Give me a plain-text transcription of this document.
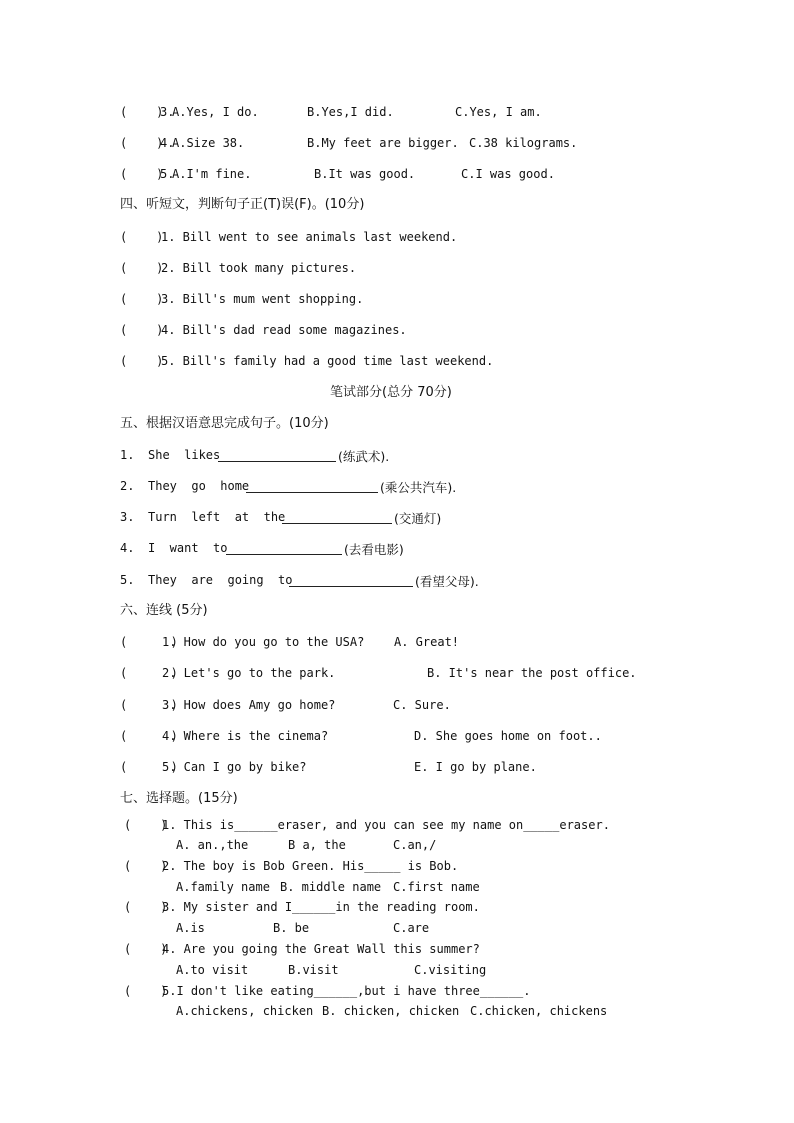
(    )
3.
A.Yes, I do.	B.Yes,I did.	C.Yes, I am.
(    )
4.
A.Size 38.	B.My feet are bigger. C.38 kilograms.
(    )
5.
A.I'm fine.	B.It was good.	C.I was good.
四、听短文，判断句子正(T)误(F)。(10分)
(    )
1. Bill went to see animals last weekend.
(    )
2. Bill took many pictures.
(    )
3. Bill's mum went shopping.
(    )
4. Bill's dad read some magazines.
(    )
5. Bill's family had a good time last weekend.
笔试部分(总分 70分)
五、根据汉语意思完成句子。(10分)
1. She  likes	(练武术).
2. They  go  home	(乘公共汽车).
3. Turn  left  at  the	(交通灯)
4. I  want  to	(去看电影)
5. They  are  going  to	(看望父母).
六、连线 (5分)
(      )
1. How do you go to the USA? A. Great!
(      )
2. Let's go to the park.	B. It's near the post office.
(      )
3. How does Amy go home?	C. Sure.
(      )
4. Where is the cinema?	D. She goes home on foot..
(      )
5. Can I go by bike?	E. I go by plane.
七、选择题。(15分)
(    )
1. This is______eraser, and you can see my name on_____eraser.
A. an.,the	B a, the	C.an,/
(    )
2. The boy is Bob Green. His_____ is Bob.
A.family name B. middle name C.first name
(    )
3. My sister and I______in the reading room.
A.is	B. be	C.are
(    )
4. Are you going the Great Wall this summer?
A.to visit	B.visit	C.visiting
(    )
5.I don't like eating______,but i have three______.
A.chickens, chicken B. chicken, chicken C.chicken, chickens
